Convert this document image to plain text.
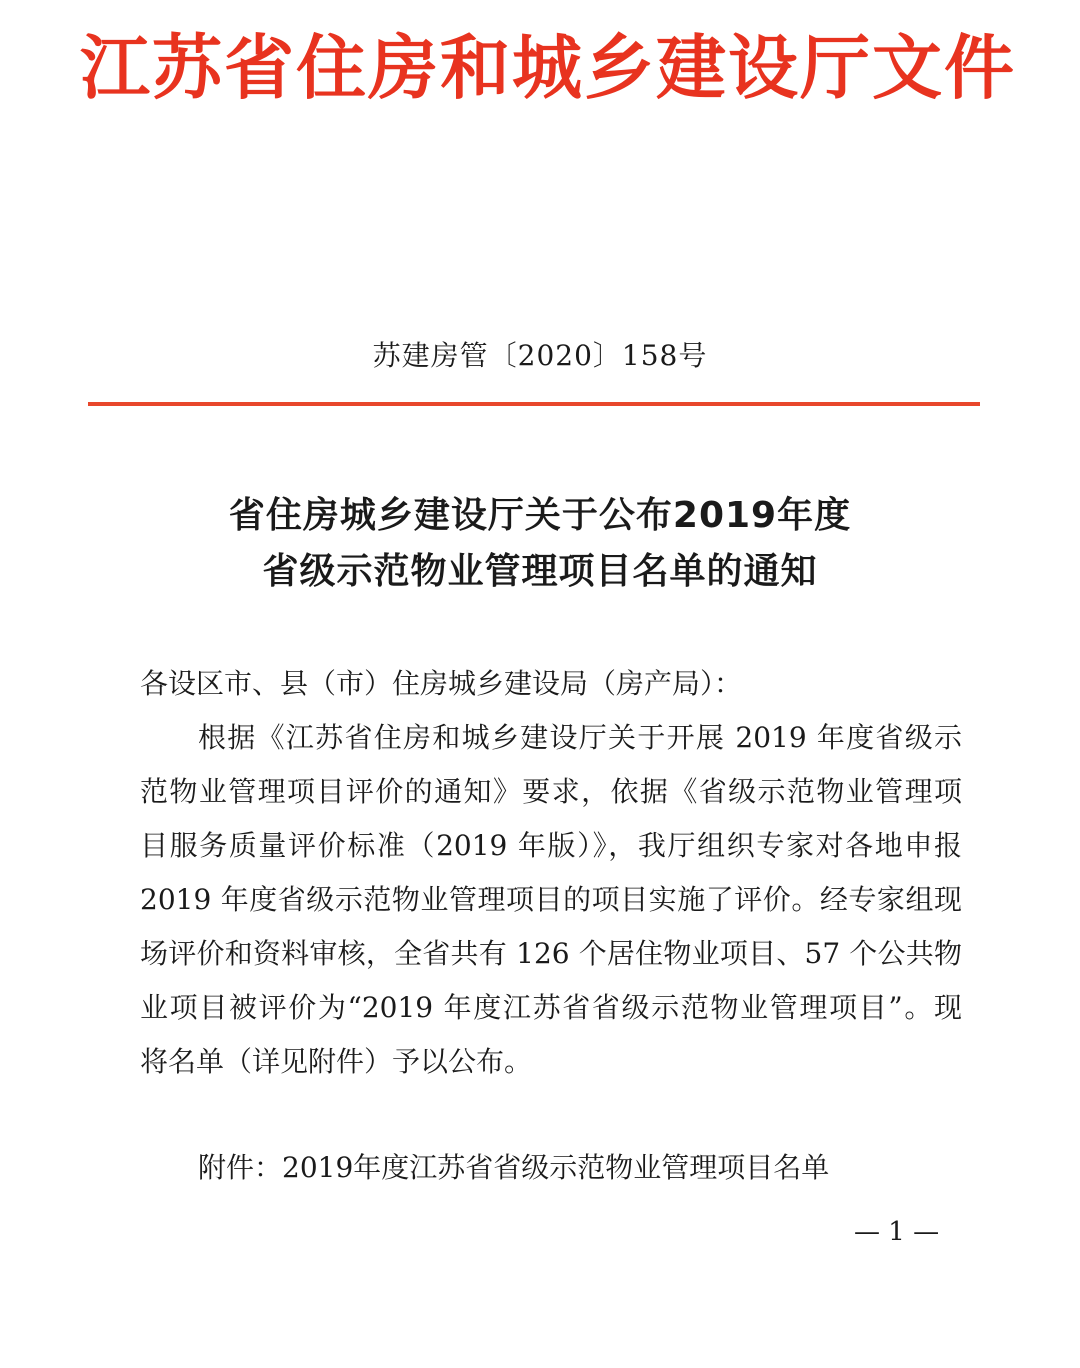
江苏省住房和城乡建设厅文件
苏建房管〔2020〕158号
省住房城乡建设厅关于公布2019年度
省级示范物业管理项目名单的通知
各设区市、县（市）住房城乡建设局（房产局）：
根据《江苏省住房和城乡建设厅关于开展 2019 年度省级示
范物业管理项目评价的通知》要求，依据《省级示范物业管理项
目服务质量评价标准（2019 年版）》，我厅组织专家对各地申报
2019 年度省级示范物业管理项目的项目实施了评价。经专家组现
场评价和资料审核，全省共有 126 个居住物业项目、57 个公共物
业项目被评价为“2019 年度江苏省省级示范物业管理项目”。现
将名单（详见附件）予以公布。
附件：2019年度江苏省省级示范物业管理项目名单
— 1 —
